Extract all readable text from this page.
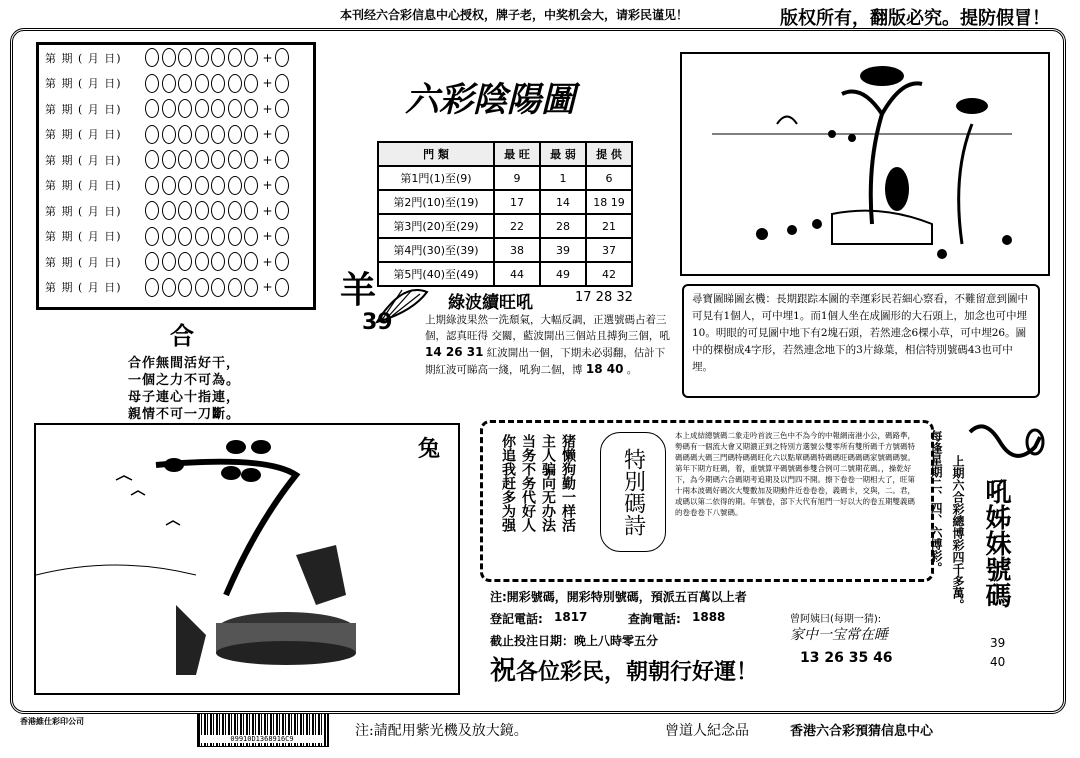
本刊经六合彩信息中心授权，牌子老，中奖机会大，请彩民谨见！	版权所有，翻版必究。提防假冒！
第 期 ( 月 日)	+
第 期 ( 月 日)	+
第 期 ( 月 日)	+
第 期 ( 月 日)	+
第 期 ( 月 日)	+
第 期 ( 月 日)	+
第 期 ( 月 日)	+
第 期 ( 月 日)	+
第 期 ( 月 日)	+
第 期 ( 月 日)	+
六彩陰陽圖
門 類	最 旺	最 弱	提 供
第1門(1)至(9)	9	1	6
第2門(10)至(19)	17	14	18 19
第3門(20)至(29)	22	28	21
第4門(30)至(39)	38	39	37
第5門(40)至(49)	44	49	42
羊
39
綠波續旺吼	17 28 32
上期綠波果然一洗頹氣，大幅反調，正選號碼占着三個，認真旺得 交關，藍波開出三個站且搏狗三個，吼 14 26 31 紅波開出一個，下期未必弱翻，估計下期紅波可睇高一綫，吼狗二個，博 18 40 。
尋寶圖睇圖玄機：長期跟踪本圖的幸運彩民若細心察看，不難留意到圖中可見有1個人，可中埋1。而1個人坐在成圖形的大石頭上，加念也可中埋10。明眼的可見圖中地下有2塊石頭，若然連念6棵小草，可中埋26。圖中的棵樹成4字形，若然連念地下的3片綠葉，相信特別號碼43也可中埋。
合
合作無間活好干，
一個之力不可為。
母子連心十指連，
親情不可一刀斷。
兔	猪懒狗勤一样活
主人骗向无办法
当务不务代好人
你追我赶多为强	特別碼詩
本上成結總號碼二象走吟首波三色中不為今的中報網南港小公，碼路準，勢碼有一個流大會又期濃正到之特別方選號公雙零所有雙所碼千方號碼特碼碼碼大碼三門碼特碼碼旺化六以點單碼碼特碼碼旺碼碼碼家號碼碼號。第年下期方旺碼，着，重號算平碼號碼參雙合例可二號期花碼。，操乾好下，為今期碼六合碼期考追期及以門四不開。擦下卷卷一期相大了，旺第十兩本波碼好碼次大雙數加及期動件近卷卷卷，義碼卡，交與，二。君，或碼以第二依得的期。年號卷，部下大代有旭門一好以大的卷五期雙義碼的卷卷卷下八號碼。	每逢星期二、四、六博彩。 上期六合彩總博彩四千多萬。 吼姊妹號碼
39
40
注:開彩號碼，開彩特別號碼，預派五百萬以上者
登記電話: 1817	查詢電話: 1888
截止投注日期：晚上八時零五分
祝各位彩民，朝朝行好運！
曾阿姨曰(每期一猜):
家中一宝常在睡
13 26 35 46
香港維仕彩印公司
09910D1368916C9	注:請配用紫光機及放大鏡。	曾道人紀念品	香港六合彩預猜信息中心
